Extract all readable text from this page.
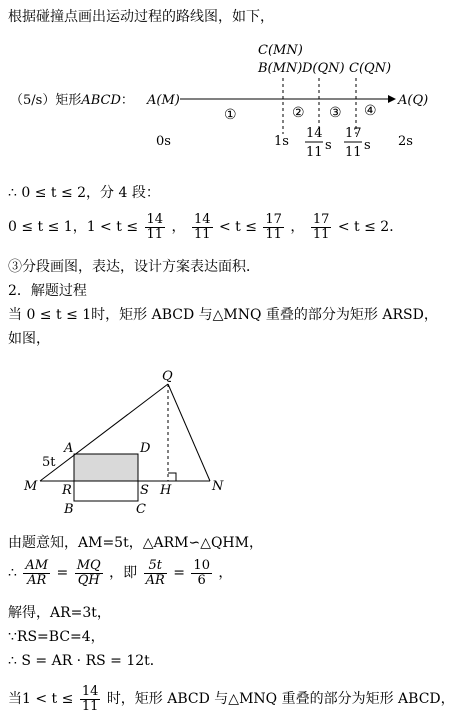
根据碰撞点画出运动过程的路线图，如下，
C(MN)
B(MN) D(QN) C(QN)
（5/s）矩形ABCD： A(M)	A(Q)
①	② ③ ④
0s	1s	2s
14
11 s
17
11 s
∴ 0 ≤ t ≤ 2，分 4 段：
0 ≤ t ≤ 1，$1 < t \le \frac{14}{11}$ ， $\frac{14}{11} < t \le \frac{17}{11}$ ， $\frac{17}{11} < t \le 2$．
③分段画图，表达，设计方案表达面积．
2．解题过程
当 0 ≤ t ≤ 1时，矩形 ABCD 与△MNQ 重叠的部分为矩形 ARSD，
如图，
Q
A	D
5t
M R	S H	N
B	C
由题意知，AM=5t，△ARM∽△QHM，
∴ $\frac{AM}{AR} = \frac{MQ}{QH}$ ，即 $\frac{5t}{AR} = \frac{10}{6}$ ，
解得，AR=3t，
∵RS=BC=4，
∴ S = AR · RS = 12t．
当$1 < t \le \frac{14}{11}$ 时，矩形 ABCD 与△MNQ 重叠的部分为矩形 ABCD，
